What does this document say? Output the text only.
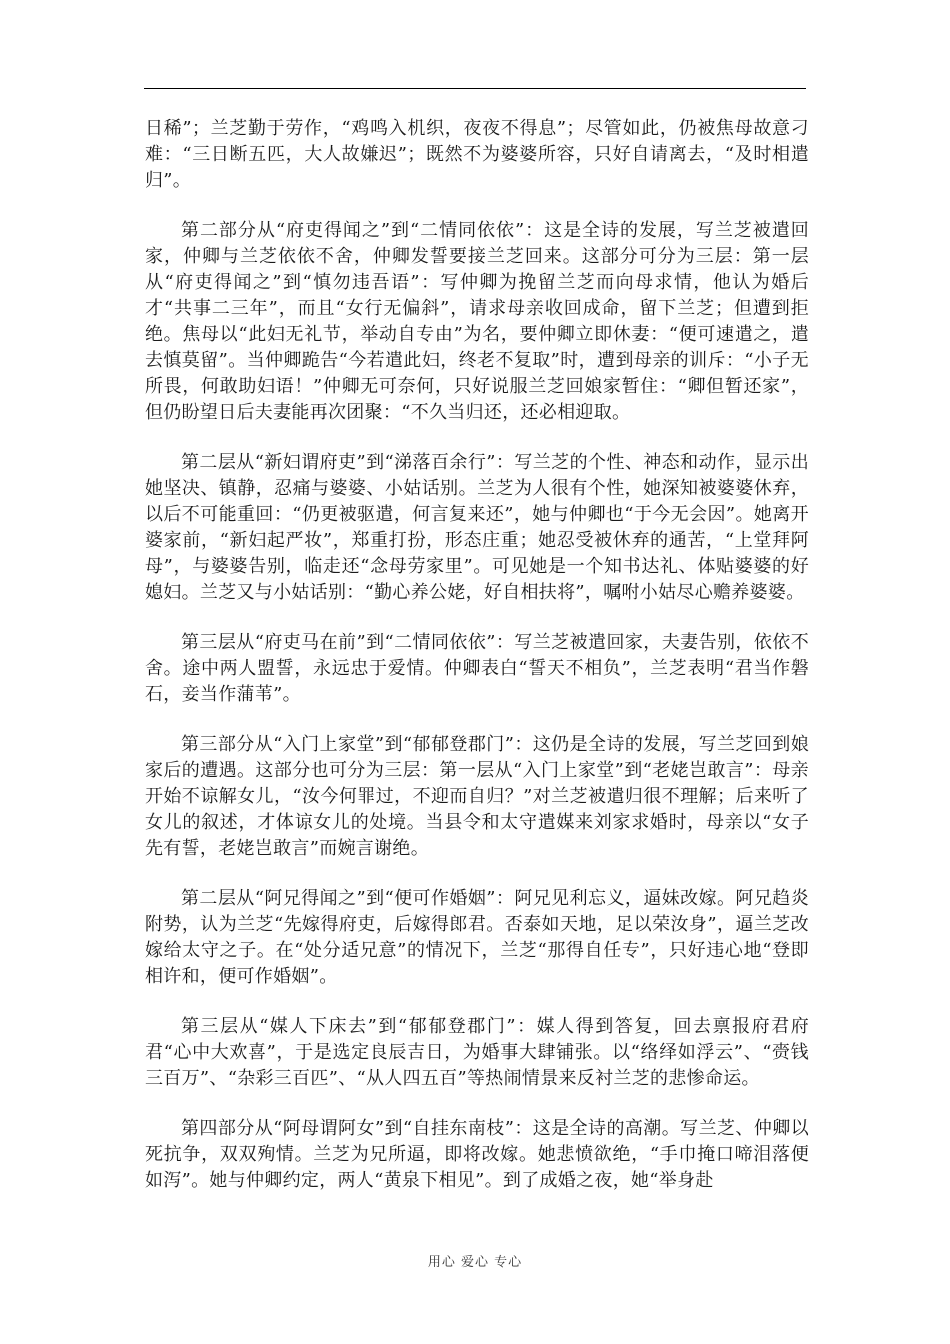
日稀”；兰芝勤于劳作，“鸡鸣入机织，夜夜不得息”；尽管如此，仍被焦母故意刁难：“三日断五匹，大人故嫌迟”；既然不为婆婆所容，只好自请离去，“及时相遣归”。

第二部分从“府吏得闻之”到“二情同依依”：这是全诗的发展，写兰芝被遣回家，仲卿与兰芝依依不舍，仲卿发誓要接兰芝回来。这部分可分为三层：第一层从“府吏得闻之”到“慎勿违吾语”：写仲卿为挽留兰芝而向母求情，他认为婚后才“共事二三年”，而且“女行无偏斜”，请求母亲收回成命，留下兰芝；但遭到拒绝。焦母以“此妇无礼节，举动自专由”为名，要仲卿立即休妻：“便可速遣之，遣去慎莫留”。当仲卿跪告“今若遣此妇，终老不复取”时，遭到母亲的训斥：“小子无所畏，何敢助妇语！”仲卿无可奈何，只好说服兰芝回娘家暂住：“卿但暂还家”，但仍盼望日后夫妻能再次团聚：“不久当归还，还必相迎取。

第二层从“新妇谓府吏”到“涕落百余行”：写兰芝的个性、神态和动作，显示出她坚决、镇静，忍痛与婆婆、小姑话别。兰芝为人很有个性，她深知被婆婆休弃，以后不可能重回：“仍更被驱遣，何言复来还”，她与仲卿也“于今无会因”。她离开婆家前，“新妇起严妆”，郑重打扮，形态庄重；她忍受被休弃的通苦，“上堂拜阿母”，与婆婆告别，临走还“念母劳家里”。可见她是一个知书达礼、体贴婆婆的好媳妇。兰芝又与小姑话别：“勤心养公姥，好自相扶将”，嘱咐小姑尽心赡养婆婆。

第三层从“府吏马在前”到“二情同依依”：写兰芝被遣回家，夫妻告别，依依不舍。途中两人盟誓，永远忠于爱情。仲卿表白“誓天不相负”，兰芝表明“君当作磐石，妾当作蒲苇”。

第三部分从“入门上家堂”到“郁郁登郡门”：这仍是全诗的发展，写兰芝回到娘家后的遭遇。这部分也可分为三层：第一层从“入门上家堂”到“老姥岂敢言”：母亲开始不谅解女儿，“汝今何罪过，不迎而自归？”对兰芝被遣归很不理解；后来听了女儿的叙述，才体谅女儿的处境。当县令和太守遣媒来刘家求婚时，母亲以“女子先有誓，老姥岂敢言”而婉言谢绝。

第二层从“阿兄得闻之”到“便可作婚姻”：阿兄见利忘义，逼妹改嫁。阿兄趋炎附势，认为兰芝“先嫁得府吏，后嫁得郎君。否泰如天地，足以荣汝身”，逼兰芝改嫁给太守之子。在“处分适兄意”的情况下，兰芝“那得自任专”，只好违心地“登即相许和，便可作婚姻”。

第三层从“媒人下床去”到“郁郁登郡门”：媒人得到答复，回去禀报府君府君“心中大欢喜”，于是选定良辰吉日，为婚事大肆铺张。以“络绎如浮云”、“赍钱三百万”、“杂彩三百匹”、“从人四五百”等热闹情景来反衬兰芝的悲惨命运。

第四部分从“阿母谓阿女”到“自挂东南枝”：这是全诗的高潮。写兰芝、仲卿以死抗争，双双殉情。兰芝为兄所逼，即将改嫁。她悲愤欲绝，“手巾掩口啼泪落便如泻”。她与仲卿约定，两人“黄泉下相见”。到了成婚之夜，她“举身赴

用心 爱心 专心
